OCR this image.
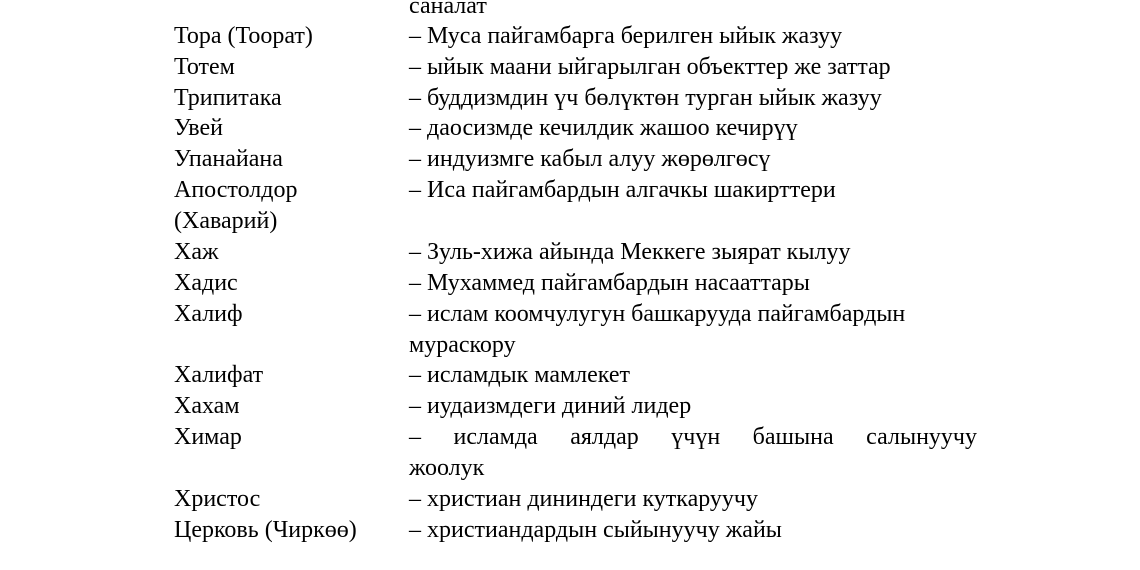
саналат
Тора (Тоорат)	– Муса пайгамбарга берилген ыйык жазуу
Тотем	– ыйык маани ыйгарылган объекттер же заттар
Трипитака	– буддизмдин үч бөлүктөн турган ыйык жазуу
Увей	– даосизмде кечилдик жашоо кечирүү
Упанайана	– индуизмге кабыл алуу жөрөлгөсү
Апостолдор	– Иса пайгамбардын алгачкы шакирттери
(Хаварий)
Хаж	– Зуль-хижа айында Меккеге зыярат кылуу
Хадис	– Мухаммед пайгамбардын насааттары
Халиф	– ислам коомчулугун башкарууда пайгамбардын
мураскору
Халифат	– исламдык мамлекет
Хахам	– иудаизмдеги диний лидер
Химар	– исламда аялдар үчүн башына салынуучу
жоолук
Христос	– христиан дининдеги куткаруучу
Церковь (Чиркөө) – христиандардын сыйынуучу жайы
